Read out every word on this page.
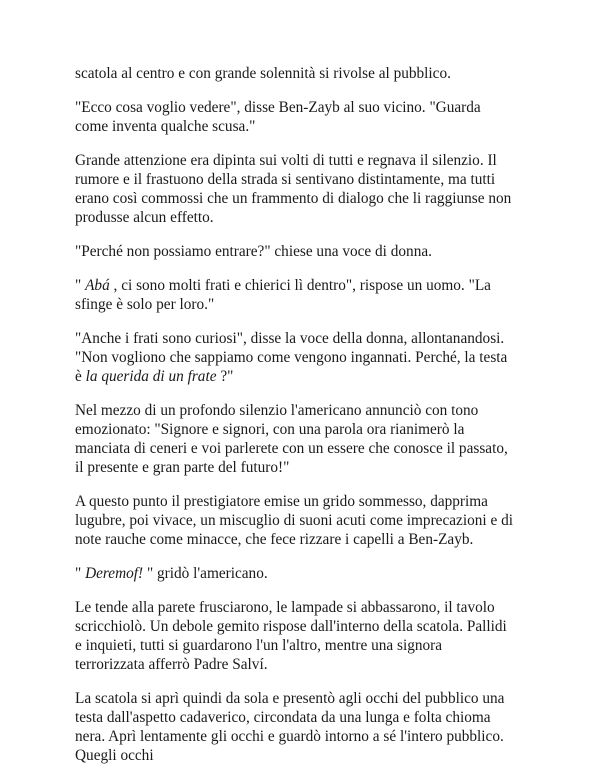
scatola al centro e con grande solennità si rivolse al pubblico.

"Ecco cosa voglio vedere", disse Ben-Zayb al suo vicino. "Guarda come inventa qualche scusa."

Grande attenzione era dipinta sui volti di tutti e regnava il silenzio. Il rumore e il frastuono della strada si sentivano distintamente, ma tutti erano così commossi che un frammento di dialogo che li raggiunse non produsse alcun effetto.

"Perché non possiamo entrare?" chiese una voce di donna.

" Abá , ci sono molti frati e chierici lì dentro", rispose un uomo. "La sfinge è solo per loro."

"Anche i frati sono curiosi", disse la voce della donna, allontanandosi. "Non vogliono che sappiamo come vengono ingannati. Perché, la testa è la querida di un frate ?"

Nel mezzo di un profondo silenzio l'americano annunciò con tono emozionato: "Signore e signori, con una parola ora rianimerò la manciata di ceneri e voi parlerete con un essere che conosce il passato, il presente e gran parte del futuro!"

A questo punto il prestigiatore emise un grido sommesso, dapprima lugubre, poi vivace, un miscuglio di suoni acuti come imprecazioni e di note rauche come minacce, che fece rizzare i capelli a Ben-Zayb.

" Deremof! " gridò l'americano.

Le tende alla parete frusciarono, le lampade si abbassarono, il tavolo scricchiolò. Un debole gemito rispose dall'interno della scatola. Pallidi e inquieti, tutti si guardarono l'un l'altro, mentre una signora terrorizzata afferrò Padre Salví.

La scatola si aprì quindi da sola e presentò agli occhi del pubblico una testa dall'aspetto cadaverico, circondata da una lunga e folta chioma nera. Aprì lentamente gli occhi e guardò intorno a sé l'intero pubblico. Quegli occhi
